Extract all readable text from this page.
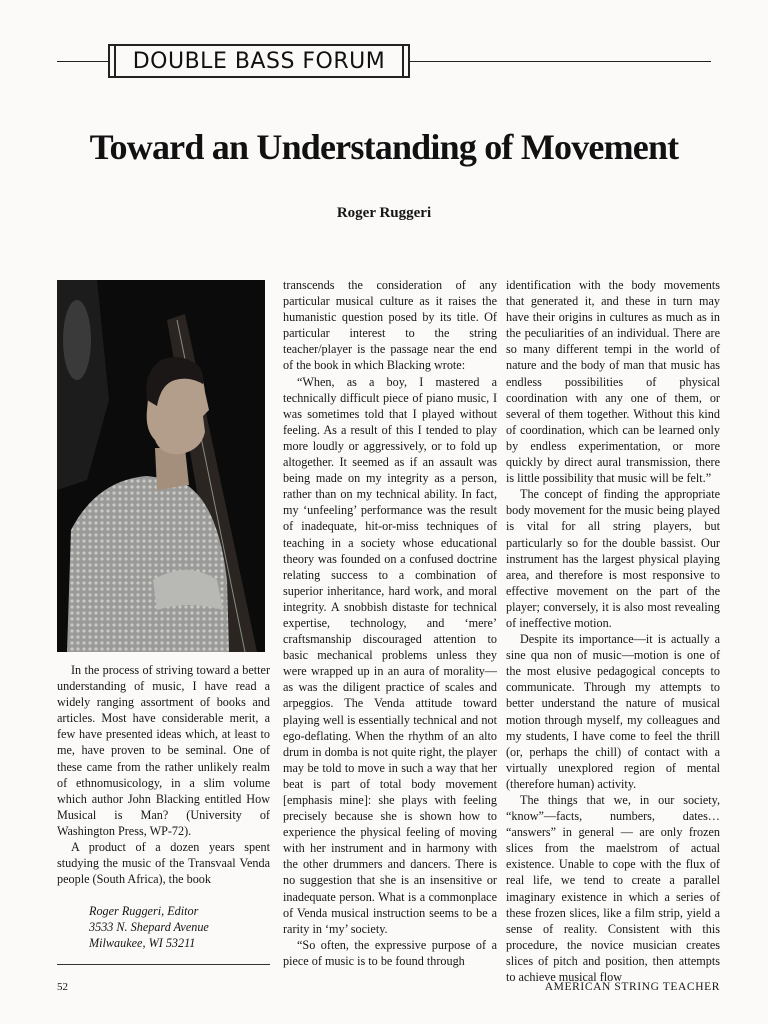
DOUBLE BASS FORUM
Toward an Understanding of Movement
Roger Ruggeri

In the process of striving toward a better understanding of music, I have read a widely ranging assortment of books and articles. Most have considerable merit, a few have presented ideas which, at least to me, have proven to be seminal. One of these came from the rather unlikely realm of ethnomusicology, in a slim volume which author John Blacking entitled How Musical is Man? (University of Washington Press, WP-72).

A product of a dozen years spent studying the music of the Transvaal Venda people (South Africa), the book

Roger Ruggeri, Editor
3533 N. Shepard Avenue
Milwaukee, WI 53211

transcends the consideration of any particular musical culture as it raises the humanistic question posed by its title. Of particular interest to the string teacher/player is the passage near the end of the book in which Blacking wrote:

“When, as a boy, I mastered a technically difficult piece of piano music, I was sometimes told that I played without feeling. As a result of this I tended to play more loudly or aggressively, or to fold up altogether. It seemed as if an assault was being made on my integrity as a person, rather than on my technical ability. In fact, my ‘unfeeling’ performance was the result of inadequate, hit-or-miss techniques of teaching in a society whose educational theory was founded on a confused doctrine relating success to a combination of superior inheritance, hard work, and moral integrity. A snobbish distaste for technical expertise, technology, and ‘mere’ craftsmanship discouraged attention to basic mechanical problems unless they were wrapped up in an aura of morality—as was the diligent practice of scales and arpeggios. The Venda attitude toward playing well is essentially technical and not ego-deflating. When the rhythm of an alto drum in domba is not quite right, the player may be told to move in such a way that her beat is part of total body movement [emphasis mine]: she plays with feeling precisely because she is shown how to experience the physical feeling of moving with her instrument and in harmony with the other drummers and dancers. There is no suggestion that she is an insensitive or inadequate person. What is a commonplace of Venda musical instruction seems to be a rarity in ‘my’ society.

“So often, the expressive purpose of a piece of music is to be found through

identification with the body movements that generated it, and these in turn may have their origins in cultures as much as in the peculiarities of an individual. There are so many different tempi in the world of nature and the body of man that music has endless possibilities of physical coordination with any one of them, or several of them together. Without this kind of coordination, which can be learned only by endless experimentation, or more quickly by direct aural transmission, there is little possibility that music will be felt.”

The concept of finding the appropriate body movement for the music being played is vital for all string players, but particularly so for the double bassist. Our instrument has the largest physical playing area, and therefore is most responsive to effective movement on the part of the player; conversely, it is also most revealing of ineffective motion.

Despite its importance—it is actually a sine qua non of music—motion is one of the most elusive pedagogical concepts to communicate. Through my attempts to better understand the nature of musical motion through myself, my colleagues and my students, I have come to feel the thrill (or, perhaps the chill) of contact with a virtually unexplored region of mental (therefore human) activity.

The things that we, in our society, “know”—facts, numbers, dates… “answers” in general — are only frozen slices from the maelstrom of actual existence. Unable to cope with the flux of real life, we tend to create a parallel imaginary existence in which a series of these frozen slices, like a film strip, yield a sense of reality. Consistent with this procedure, the novice musician creates slices of pitch and position, then attempts to achieve musical flow

52	AMERICAN STRING TEACHER
